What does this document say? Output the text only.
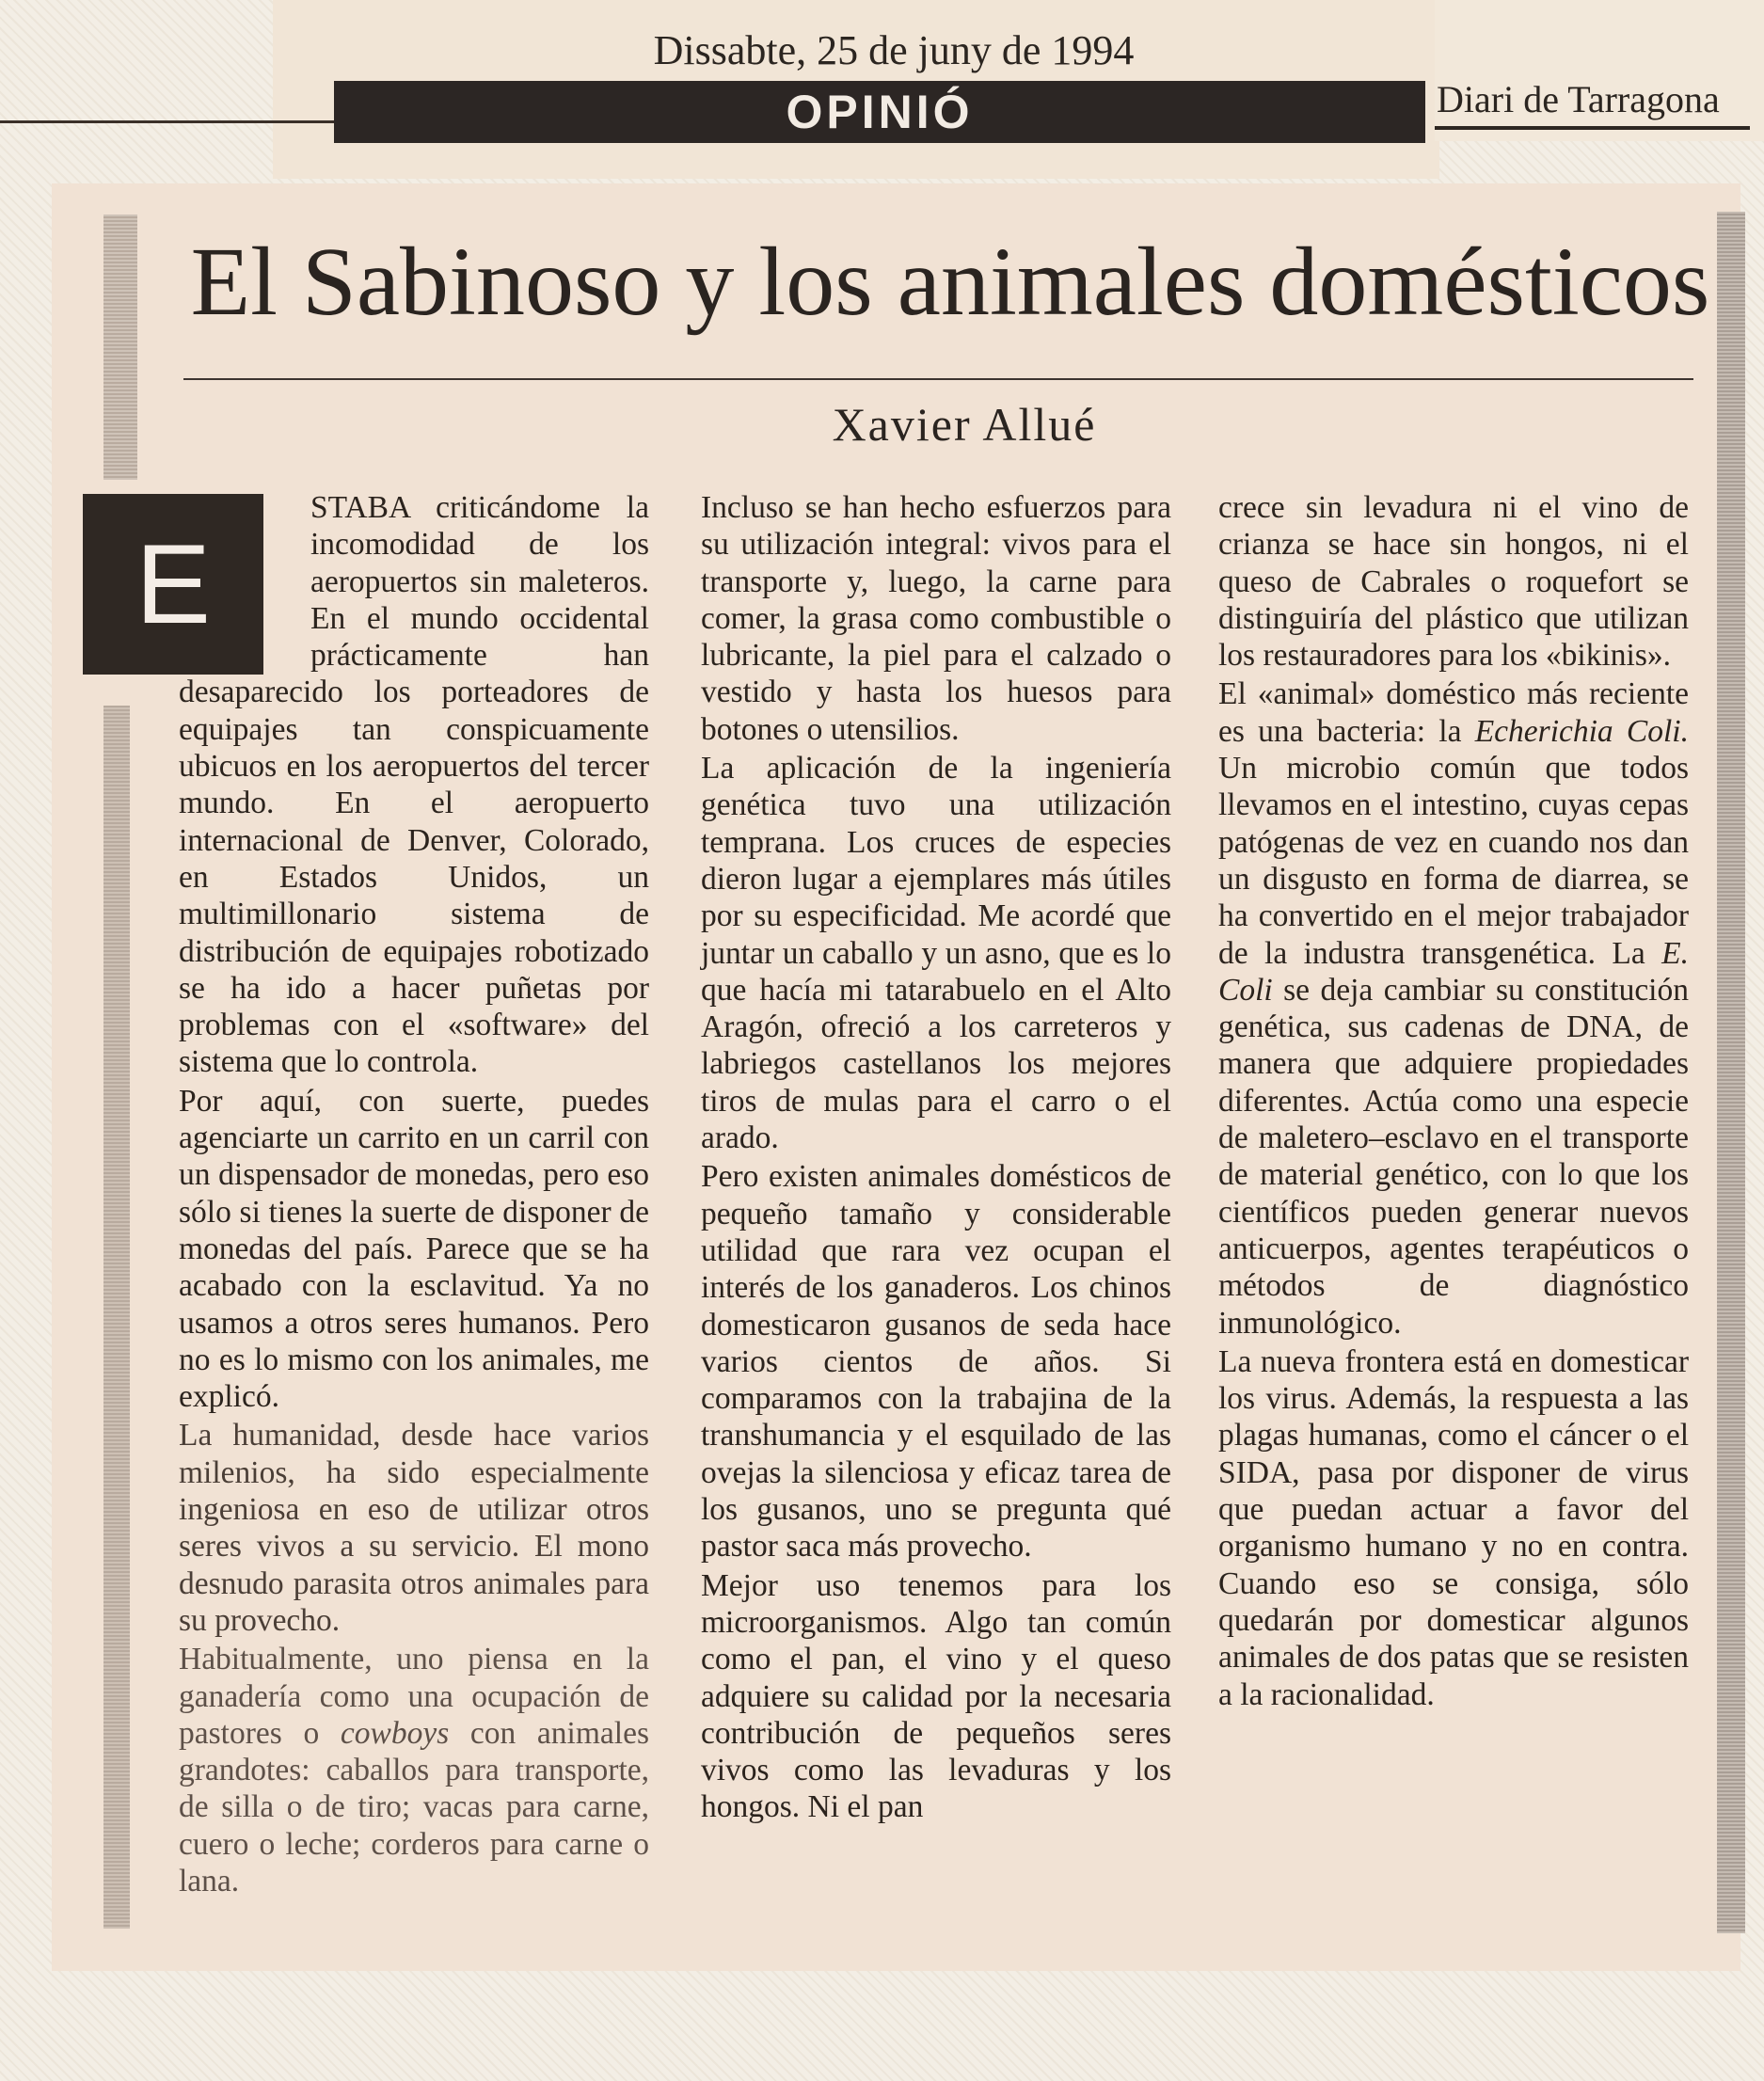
Dissabte, 25 de juny de 1994
OPINIÓ	Diari de Tarragona
El Sabinoso y los animales domésticos
Xavier Allué
E

STABA criticándome la incomodidad de los aeropuertos sin maleteros. En el mundo occidental prácticamente han desaparecido los porteadores de equipajes tan conspicuamente ubicuos en los aeropuertos del tercer mundo. En el aeropuerto internacional de Denver, Colorado, en Estados Unidos, un multimillonario sistema de distribución de equipajes robotizado se ha ido a hacer puñetas por problemas con el «software» del sistema que lo controla.

Por aquí, con suerte, puedes agenciarte un carrito en un carril con un dispensador de monedas, pero eso sólo si tienes la suerte de disponer de monedas del país. Parece que se ha acabado con la esclavitud. Ya no usamos a otros seres humanos. Pero no es lo mismo con los animales, me explicó.

La humanidad, desde hace varios milenios, ha sido especialmente ingeniosa en eso de utilizar otros seres vivos a su servicio. El mono desnudo parasita otros animales para su provecho.

Habitualmente, uno piensa en la ganadería como una ocupación de pastores o cowboys con animales grandotes: caballos para transporte, de silla o de tiro; vacas para carne, cuero o leche; corderos para carne o lana.

Incluso se han hecho esfuerzos para su utilización integral: vivos para el transporte y, luego, la carne para comer, la grasa como combustible o lubricante, la piel para el calzado o vestido y hasta los huesos para botones o utensilios.

La aplicación de la ingeniería genética tuvo una utilización temprana. Los cruces de especies dieron lugar a ejemplares más útiles por su especificidad. Me acordé que juntar un caballo y un asno, que es lo que hacía mi tatarabuelo en el Alto Aragón, ofreció a los carreteros y labriegos castellanos los mejores tiros de mulas para el carro o el arado.

Pero existen animales domésticos de pequeño tamaño y considerable utilidad que rara vez ocupan el interés de los ganaderos. Los chinos domesticaron gusanos de seda hace varios cientos de años. Si comparamos con la trabajina de la transhumancia y el esquilado de las ovejas la silenciosa y eficaz tarea de los gusanos, uno se pregunta qué pastor saca más provecho.

Mejor uso tenemos para los microorganismos. Algo tan común como el pan, el vino y el queso adquiere su calidad por la necesaria contribución de pequeños seres vivos como las levaduras y los hongos. Ni el pan

crece sin levadura ni el vino de crianza se hace sin hongos, ni el queso de Cabrales o roquefort se distinguiría del plástico que utilizan los restauradores para los «bikinis».

El «animal» doméstico más reciente es una bacteria: la Echerichia Coli. Un microbio común que todos llevamos en el intestino, cuyas cepas patógenas de vez en cuando nos dan un disgusto en forma de diarrea, se ha convertido en el mejor trabajador de la industra transgenética. La E. Coli se deja cambiar su constitución genética, sus cadenas de DNA, de manera que adquiere propiedades diferentes. Actúa como una especie de maletero–esclavo en el transporte de material genético, con lo que los científicos pueden generar nuevos anticuerpos, agentes terapéuticos o métodos de diagnóstico inmunológico.

La nueva frontera está en domesticar los virus. Además, la respuesta a las plagas humanas, como el cáncer o el SIDA, pasa por disponer de virus que puedan actuar a favor del organismo humano y no en contra. Cuando eso se consiga, sólo quedarán por domesticar algunos animales de dos patas que se resisten a la racionalidad.
